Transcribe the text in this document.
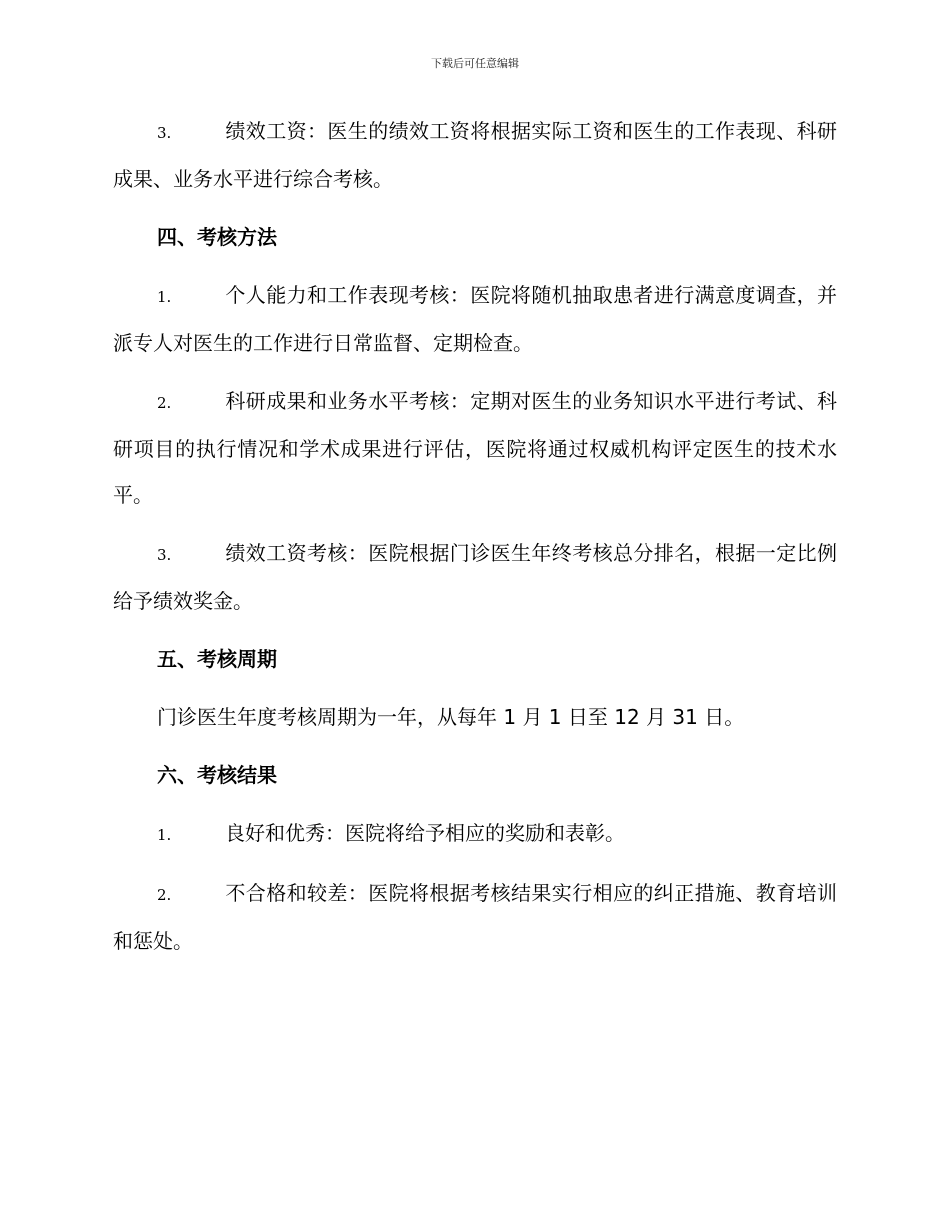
下载后可任意编辑

3.	绩效工资：医生的绩效工资将根据实际工资和医生的工作表现、科研成果、业务水平进行综合考核。

四、考核方法

1.	个人能力和工作表现考核：医院将随机抽取患者进行满意度调查，并派专人对医生的工作进行日常监督、定期检查。

2.	科研成果和业务水平考核：定期对医生的业务知识水平进行考试、科研项目的执行情况和学术成果进行评估，医院将通过权威机构评定医生的技术水平。

3.	绩效工资考核：医院根据门诊医生年终考核总分排名，根据一定比例给予绩效奖金。

五、考核周期

门诊医生年度考核周期为一年，从每年 1 月 1 日至 12 月 31 日。

六、考核结果

1.	良好和优秀：医院将给予相应的奖励和表彰。

2.	不合格和较差：医院将根据考核结果实行相应的纠正措施、教育培训和惩处。
